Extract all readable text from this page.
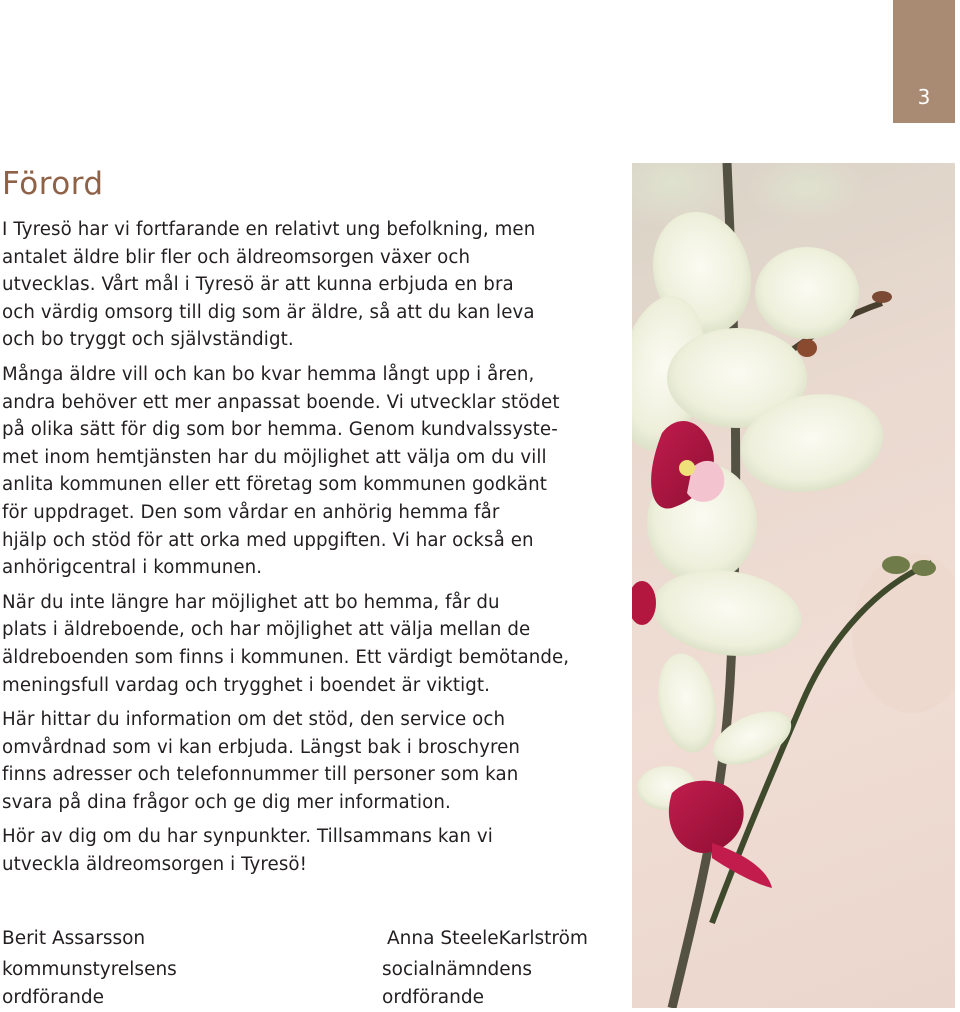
3
Förord

I Tyresö har vi fortfarande en relativt ung befolkning, men
antalet äldre blir fler och äldreomsorgen växer och
utvecklas. Vårt mål i Tyresö är att kunna erbjuda en bra
och värdig omsorg till dig som är äldre, så att du kan leva
och bo tryggt och självständigt.

Många äldre vill och kan bo kvar hemma långt upp i åren,
andra behöver ett mer anpassat boende. Vi utvecklar stödet
på olika sätt för dig som bor hemma. Genom kundvalssyste-
met inom hemtjänsten har du möjlighet att välja om du vill
anlita kommunen eller ett företag som kommunen godkänt
för uppdraget. Den som vårdar en anhörig hemma får
hjälp och stöd för att orka med uppgiften. Vi har också en
anhörigcentral i kommunen.

När du inte längre har möjlighet att bo hemma, får du
plats i äldreboende, och har möjlighet att välja mellan de
äldreboenden som finns i kommunen. Ett värdigt bemötande,
meningsfull vardag och trygghet i boendet är viktigt.

Här hittar du information om det stöd, den service och
omvårdnad som vi kan erbjuda. Längst bak i broschyren
finns adresser och telefonnummer till personer som kan
svara på dina frågor och ge dig mer information.

Hör av dig om du har synpunkter. Tillsammans kan vi
utveckla äldreomsorgen i Tyresö!

Berit Assarsson
kommunstyrelsens
ordförande
Anna SteeleKarlström
socialnämndens
ordförande
